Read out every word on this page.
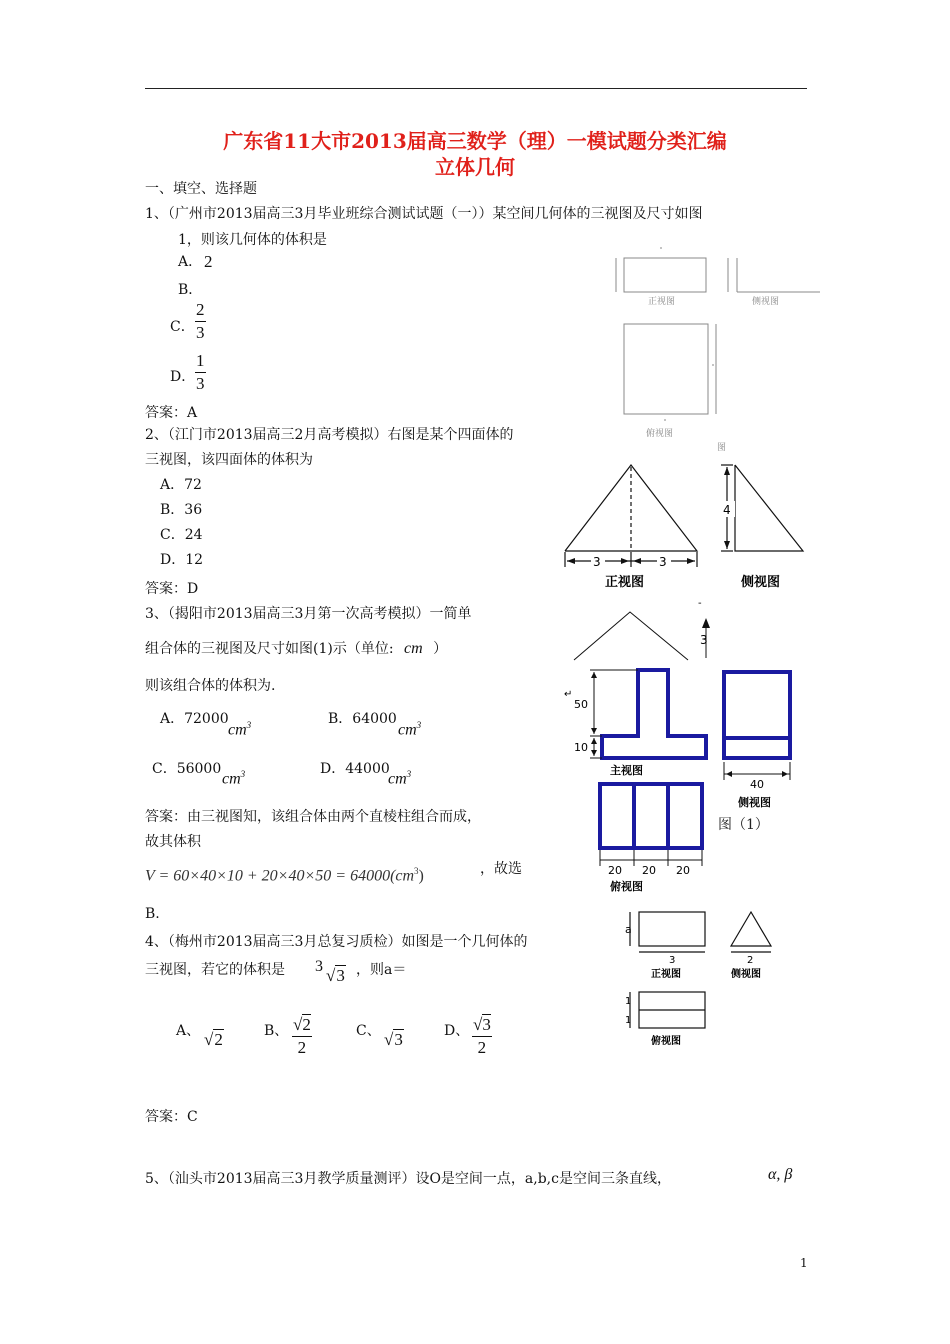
广东省11大市2013届高三数学（理）一模试题分类汇编
立体几何
一、填空、选择题
1、（广州市2013届高三3月毕业班综合测试试题（一））某空间几何体的三视图及尺寸如图
1，则该几何体的体积是
A． 2
B．
C． $\frac{2}{3}$
D． $\frac{1}{3}$
答案：A
正视图	侧视图
俯视图
图
2、（江门市2013届高三2月高考模拟）右图是某个四面体的
三视图，该四面体的体积为
A．72
B．36
C．24
D．12
答案：D
3	3
4
正视图	侧视图
3、（揭阳市2013届高三3月第一次高考模拟）一简单
组合体的三视图及尺寸如图(1)示（单位: cm ）
则该组合体的体积为.
A．72000
$cm^3$	B．64000
$cm^3$
C．56000
$cm^3$	D．44000
$cm^3$
答案：由三视图知，该组合体由两个直棱柱组合而成，
故其体积
$V = 60\times 40\times 10 + 20\times 40\times 50 = 64000(cm^3)$	，故选
B.
-
3
↵
50
10
40
主视图
侧视图
图（1）
20 20 20
俯视图
4、（梅州市2013届高三3月总复习质检）如图是一个几何体的
三视图，若它的体积是 3 √3 ，则a＝
A、 √2	B、 $\frac{√2}{2}$	C、 √3	D、 $\frac{√3}{2}$
答案：C
a
3	2
正视图	侧视图
1
1
俯视图
5、（汕头市2013届高三3月教学质量测评）设O是空间一点，a,b,c是空间三条直线，	α, β
1
